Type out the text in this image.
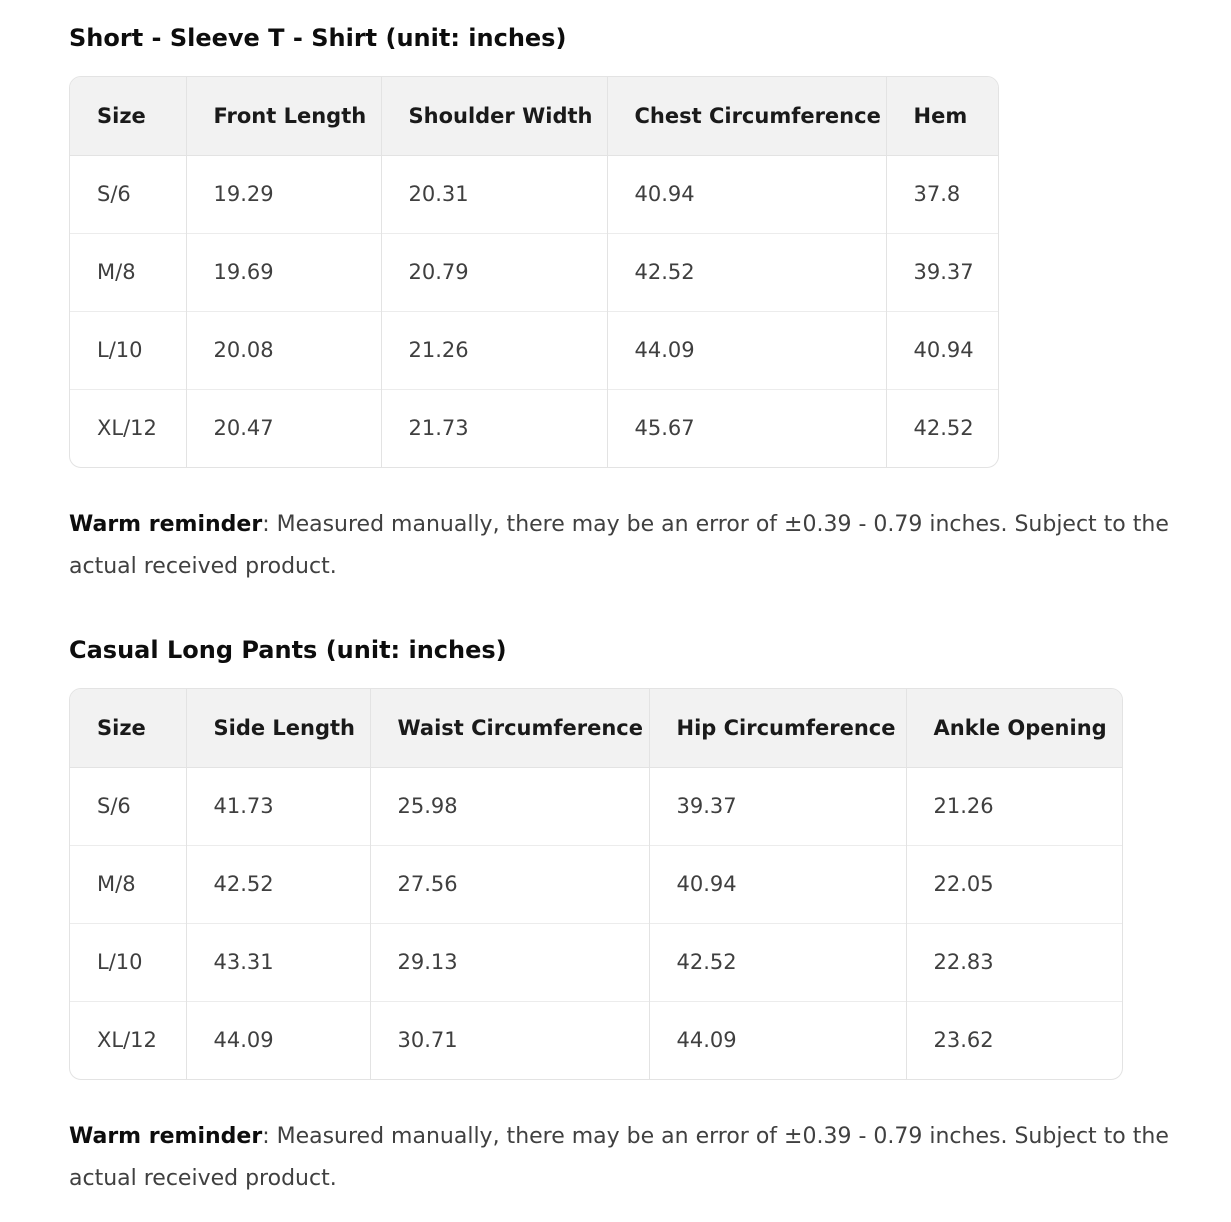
Short - Sleeve T - Shirt (unit: inches)
Size	Front Length	Shoulder Width	Chest Circumference	Hem
S/6	19.29	20.31	40.94	37.8
M/8	19.69	20.79	42.52	39.37
L/10	20.08	21.26	44.09	40.94
XL/12	20.47	21.73	45.67	42.52

Warm reminder: Measured manually, there may be an error of ±0.39 - 0.79 inches. Subject to the actual received product.

Casual Long Pants (unit: inches)
Size	Side Length	Waist Circumference	Hip Circumference	Ankle Opening
S/6	41.73	25.98	39.37	21.26
M/8	42.52	27.56	40.94	22.05
L/10	43.31	29.13	42.52	22.83
XL/12	44.09	30.71	44.09	23.62

Warm reminder: Measured manually, there may be an error of ±0.39 - 0.79 inches. Subject to the actual received product.
